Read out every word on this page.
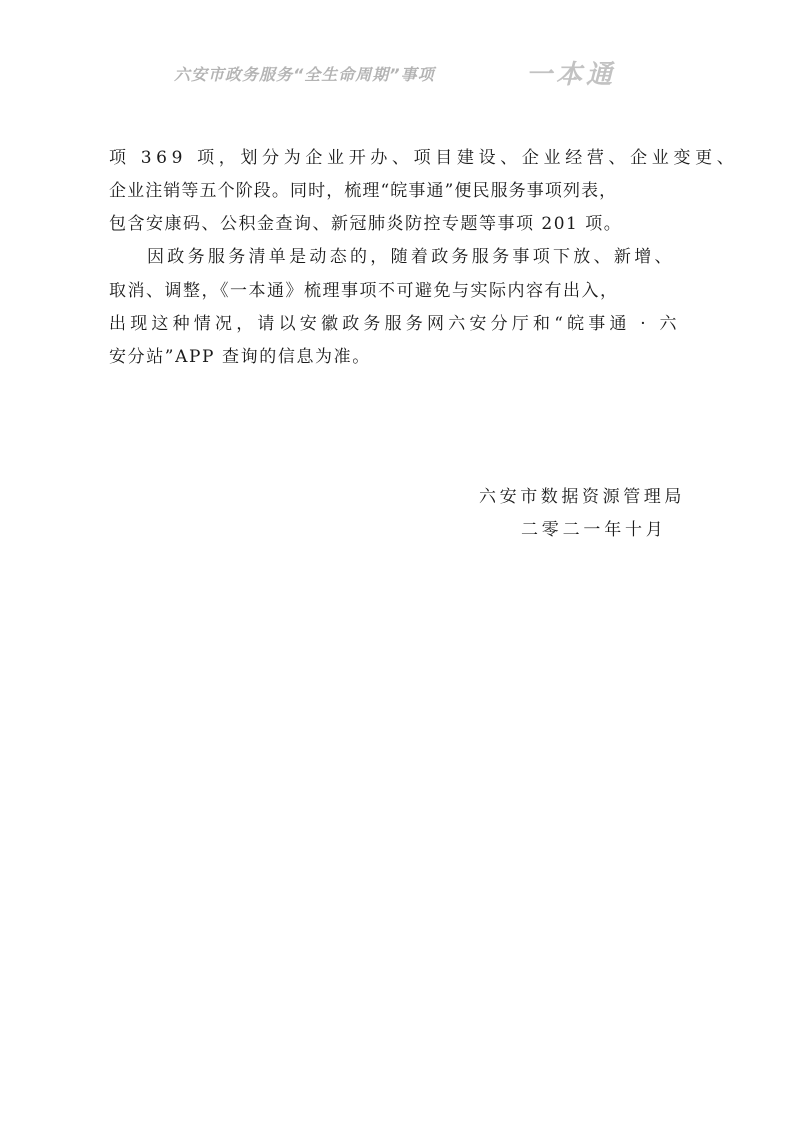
六安市政务服务“全生命周期”事项	一本通
项 369 项，划分为企业开办、项目建设、企业经营、企业变更、
企业注销等五个阶段。同时，梳理“皖事通”便民服务事项列表，
包含安康码、公积金查询、新冠肺炎防控专题等事项 201 项。
因政务服务清单是动态的，随着政务服务事项下放、新增、
取消、调整，《一本通》梳理事项不可避免与实际内容有出入，
出现这种情况，请以安徽政务服务网六安分厅和“皖事通 · 六
安分站”APP 查询的信息为准。
六安市数据资源管理局
二零二一年十月
